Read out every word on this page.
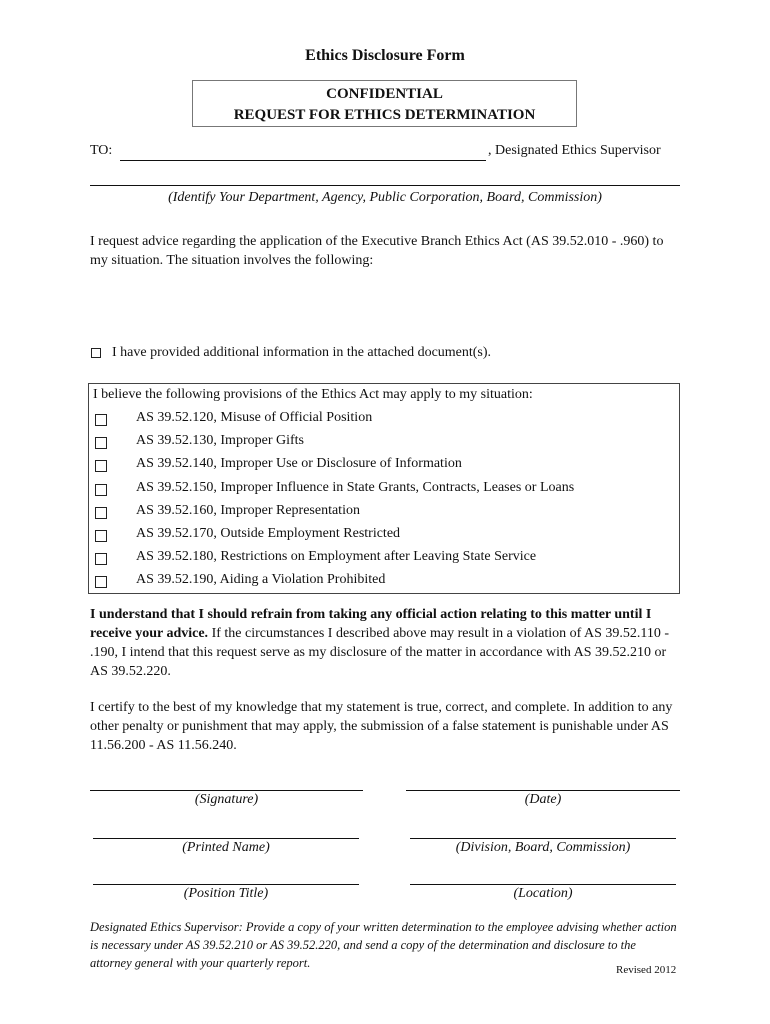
Ethics Disclosure Form
CONFIDENTIAL
REQUEST FOR ETHICS DETERMINATION
TO:	, Designated Ethics Supervisor
(Identify Your Department, Agency, Public Corporation, Board, Commission)
I request advice regarding the application of the Executive Branch Ethics Act (AS 39.52.010 - .960) to my situation. The situation involves the following:
I have provided additional information in the attached document(s).
I believe the following provisions of the Ethics Act may apply to my situation:
AS 39.52.120, Misuse of Official Position
AS 39.52.130, Improper Gifts
AS 39.52.140, Improper Use or Disclosure of Information
AS 39.52.150, Improper Influence in State Grants, Contracts, Leases or Loans
AS 39.52.160, Improper Representation
AS 39.52.170, Outside Employment Restricted
AS 39.52.180, Restrictions on Employment after Leaving State Service
AS 39.52.190, Aiding a Violation Prohibited
I understand that I should refrain from taking any official action relating to this matter until I receive your advice. If the circumstances I described above may result in a violation of AS 39.52.110 - .190, I intend that this request serve as my disclosure of the matter in accordance with AS 39.52.210 or AS 39.52.220.
I certify to the best of my knowledge that my statement is true, correct, and complete. In addition to any other penalty or punishment that may apply, the submission of a false statement is punishable under AS 11.56.200 - AS 11.56.240.
(Signature)	(Date)
(Printed Name)	(Division, Board, Commission)
(Position Title)	(Location)
Designated Ethics Supervisor: Provide a copy of your written determination to the employee advising whether action is necessary under AS 39.52.210 or AS 39.52.220, and send a copy of the determination and disclosure to the attorney general with your quarterly report.	Revised 2012
